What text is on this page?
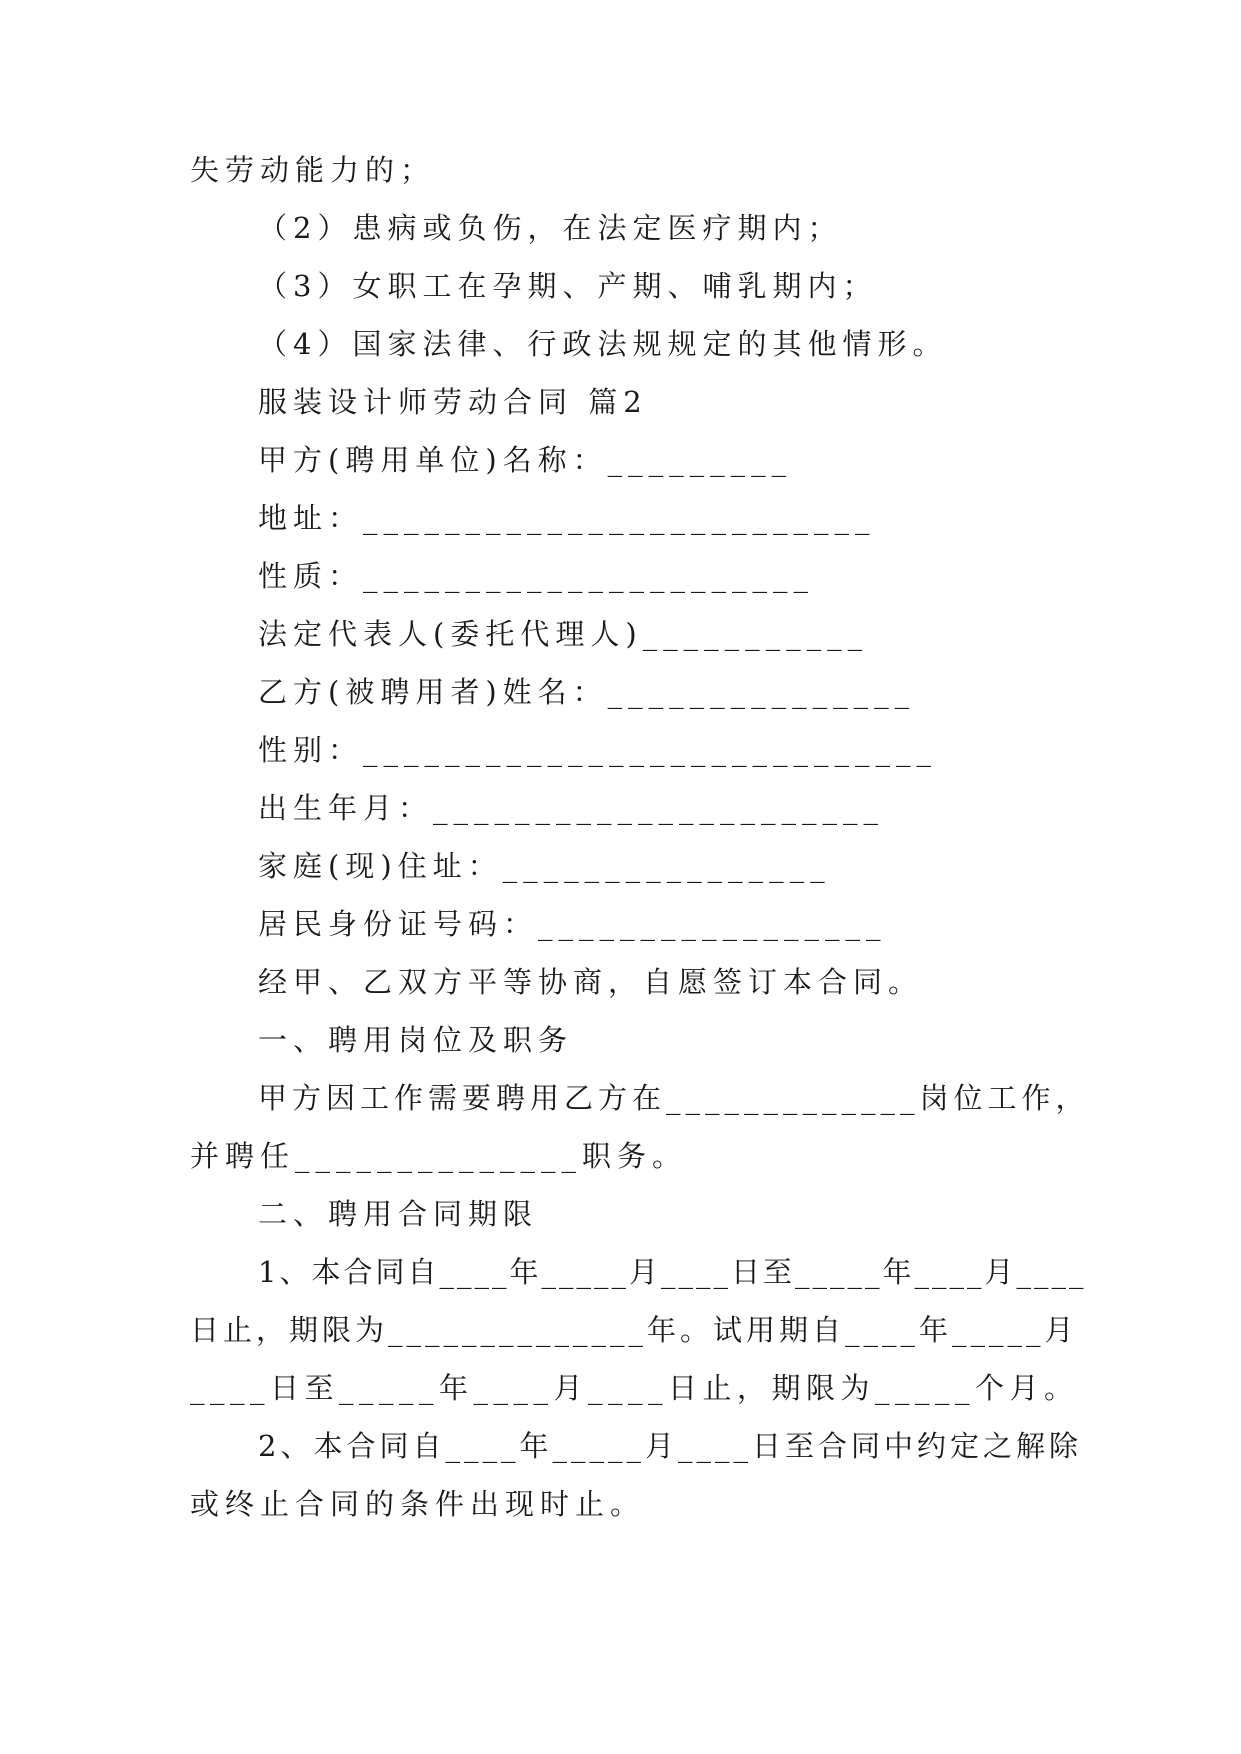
失劳动能力的；
（2）患病或负伤，在法定医疗期内；
（3）女职工在孕期、产期、哺乳期内；
（4）国家法律、行政法规规定的其他情形。
服装设计师劳动合同 篇2
甲方(聘用单位)名称：_________
地址：_________________________
性质：______________________
法定代表人(委托代理人)___________
乙方(被聘用者)姓名：_______________
性别：____________________________
出生年月：______________________
家庭(现)住址：________________
居民身份证号码：_________________
经甲、乙双方平等协商，自愿签订本合同。
一、聘用岗位及职务
甲方因工作需要聘用乙方在_____________岗位工作，
并聘任______________职务。
二、聘用合同期限
1、本合同自____年_____月____日至_____年____月____
日止，期限为______________年。试用期自____年_____月
____日至_____年____月____日止，期限为_____个月。
2、本合同自____年_____月____日至合同中约定之解除
或终止合同的条件出现时止。
